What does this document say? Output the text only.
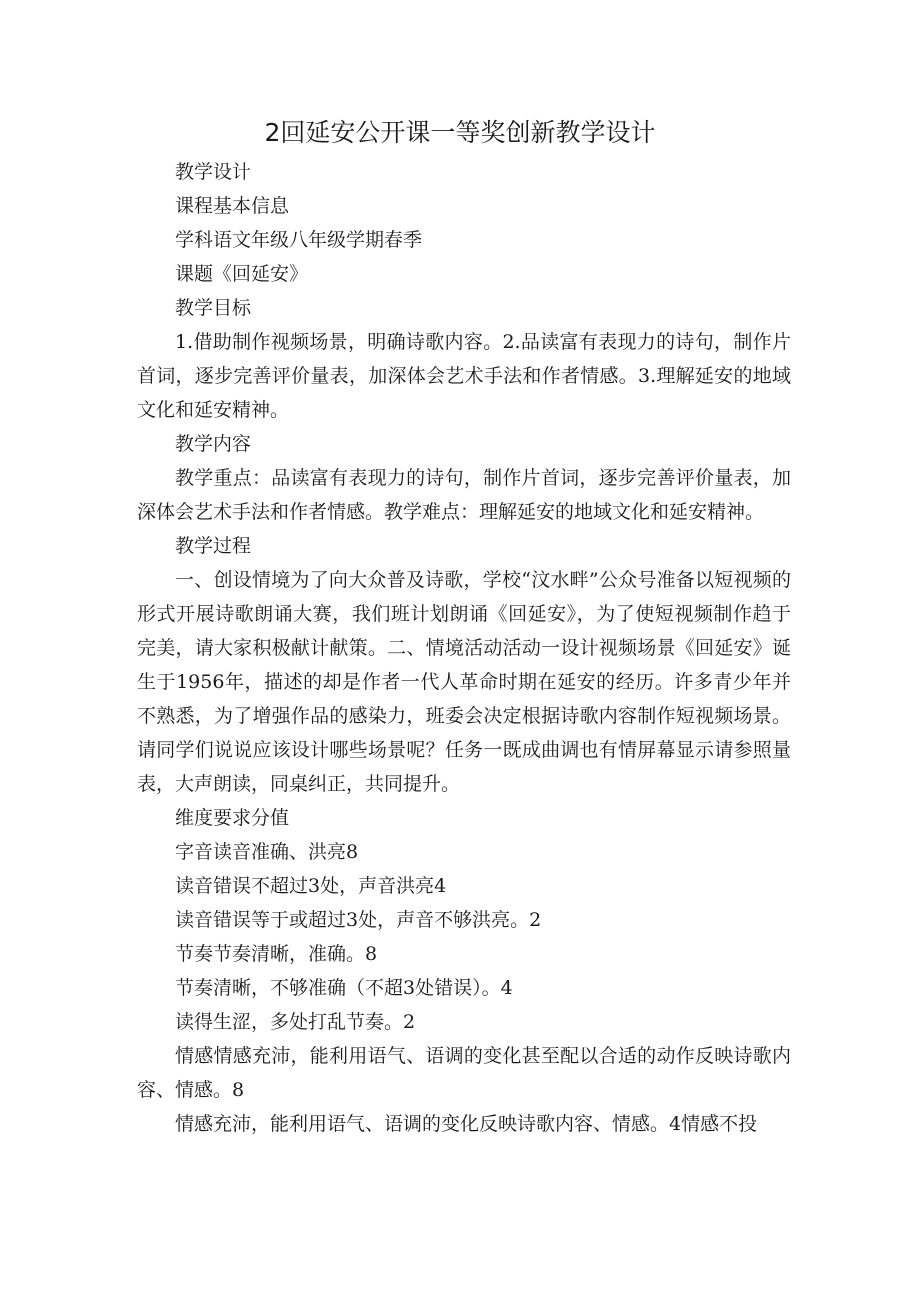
2回延安公开课一等奖创新教学设计

教学设计

课程基本信息

学科语文年级八年级学期春季

课题《回延安》

教学目标

1.借助制作视频场景，明确诗歌内容。2.品读富有表现力的诗句，制作片首词，逐步完善评价量表，加深体会艺术手法和作者情感。3.理解延安的地域文化和延安精神。

教学内容

教学重点：品读富有表现力的诗句，制作片首词，逐步完善评价量表，加深体会艺术手法和作者情感。教学难点：理解延安的地域文化和延安精神。

教学过程

一、创设情境为了向大众普及诗歌，学校“汶水畔”公众号准备以短视频的形式开展诗歌朗诵大赛，我们班计划朗诵《回延安》，为了使短视频制作趋于完美，请大家积极献计献策。二、情境活动活动一设计视频场景《回延安》诞生于1956年，描述的却是作者一代人革命时期在延安的经历。许多青少年并不熟悉，为了增强作品的感染力，班委会决定根据诗歌内容制作短视频场景。请同学们说说应该设计哪些场景呢？任务一既成曲调也有情屏幕显示请参照量表，大声朗读，同桌纠正，共同提升。

维度要求分值

字音读音准确、洪亮8

读音错误不超过3处，声音洪亮4

读音错误等于或超过3处，声音不够洪亮。2

节奏节奏清晰，准确。8

节奏清晰，不够准确（不超3处错误）。4

读得生涩，多处打乱节奏。2

情感情感充沛，能利用语气、语调的变化甚至配以合适的动作反映诗歌内容、情感。8

情感充沛，能利用语气、语调的变化反映诗歌内容、情感。4情感不投
